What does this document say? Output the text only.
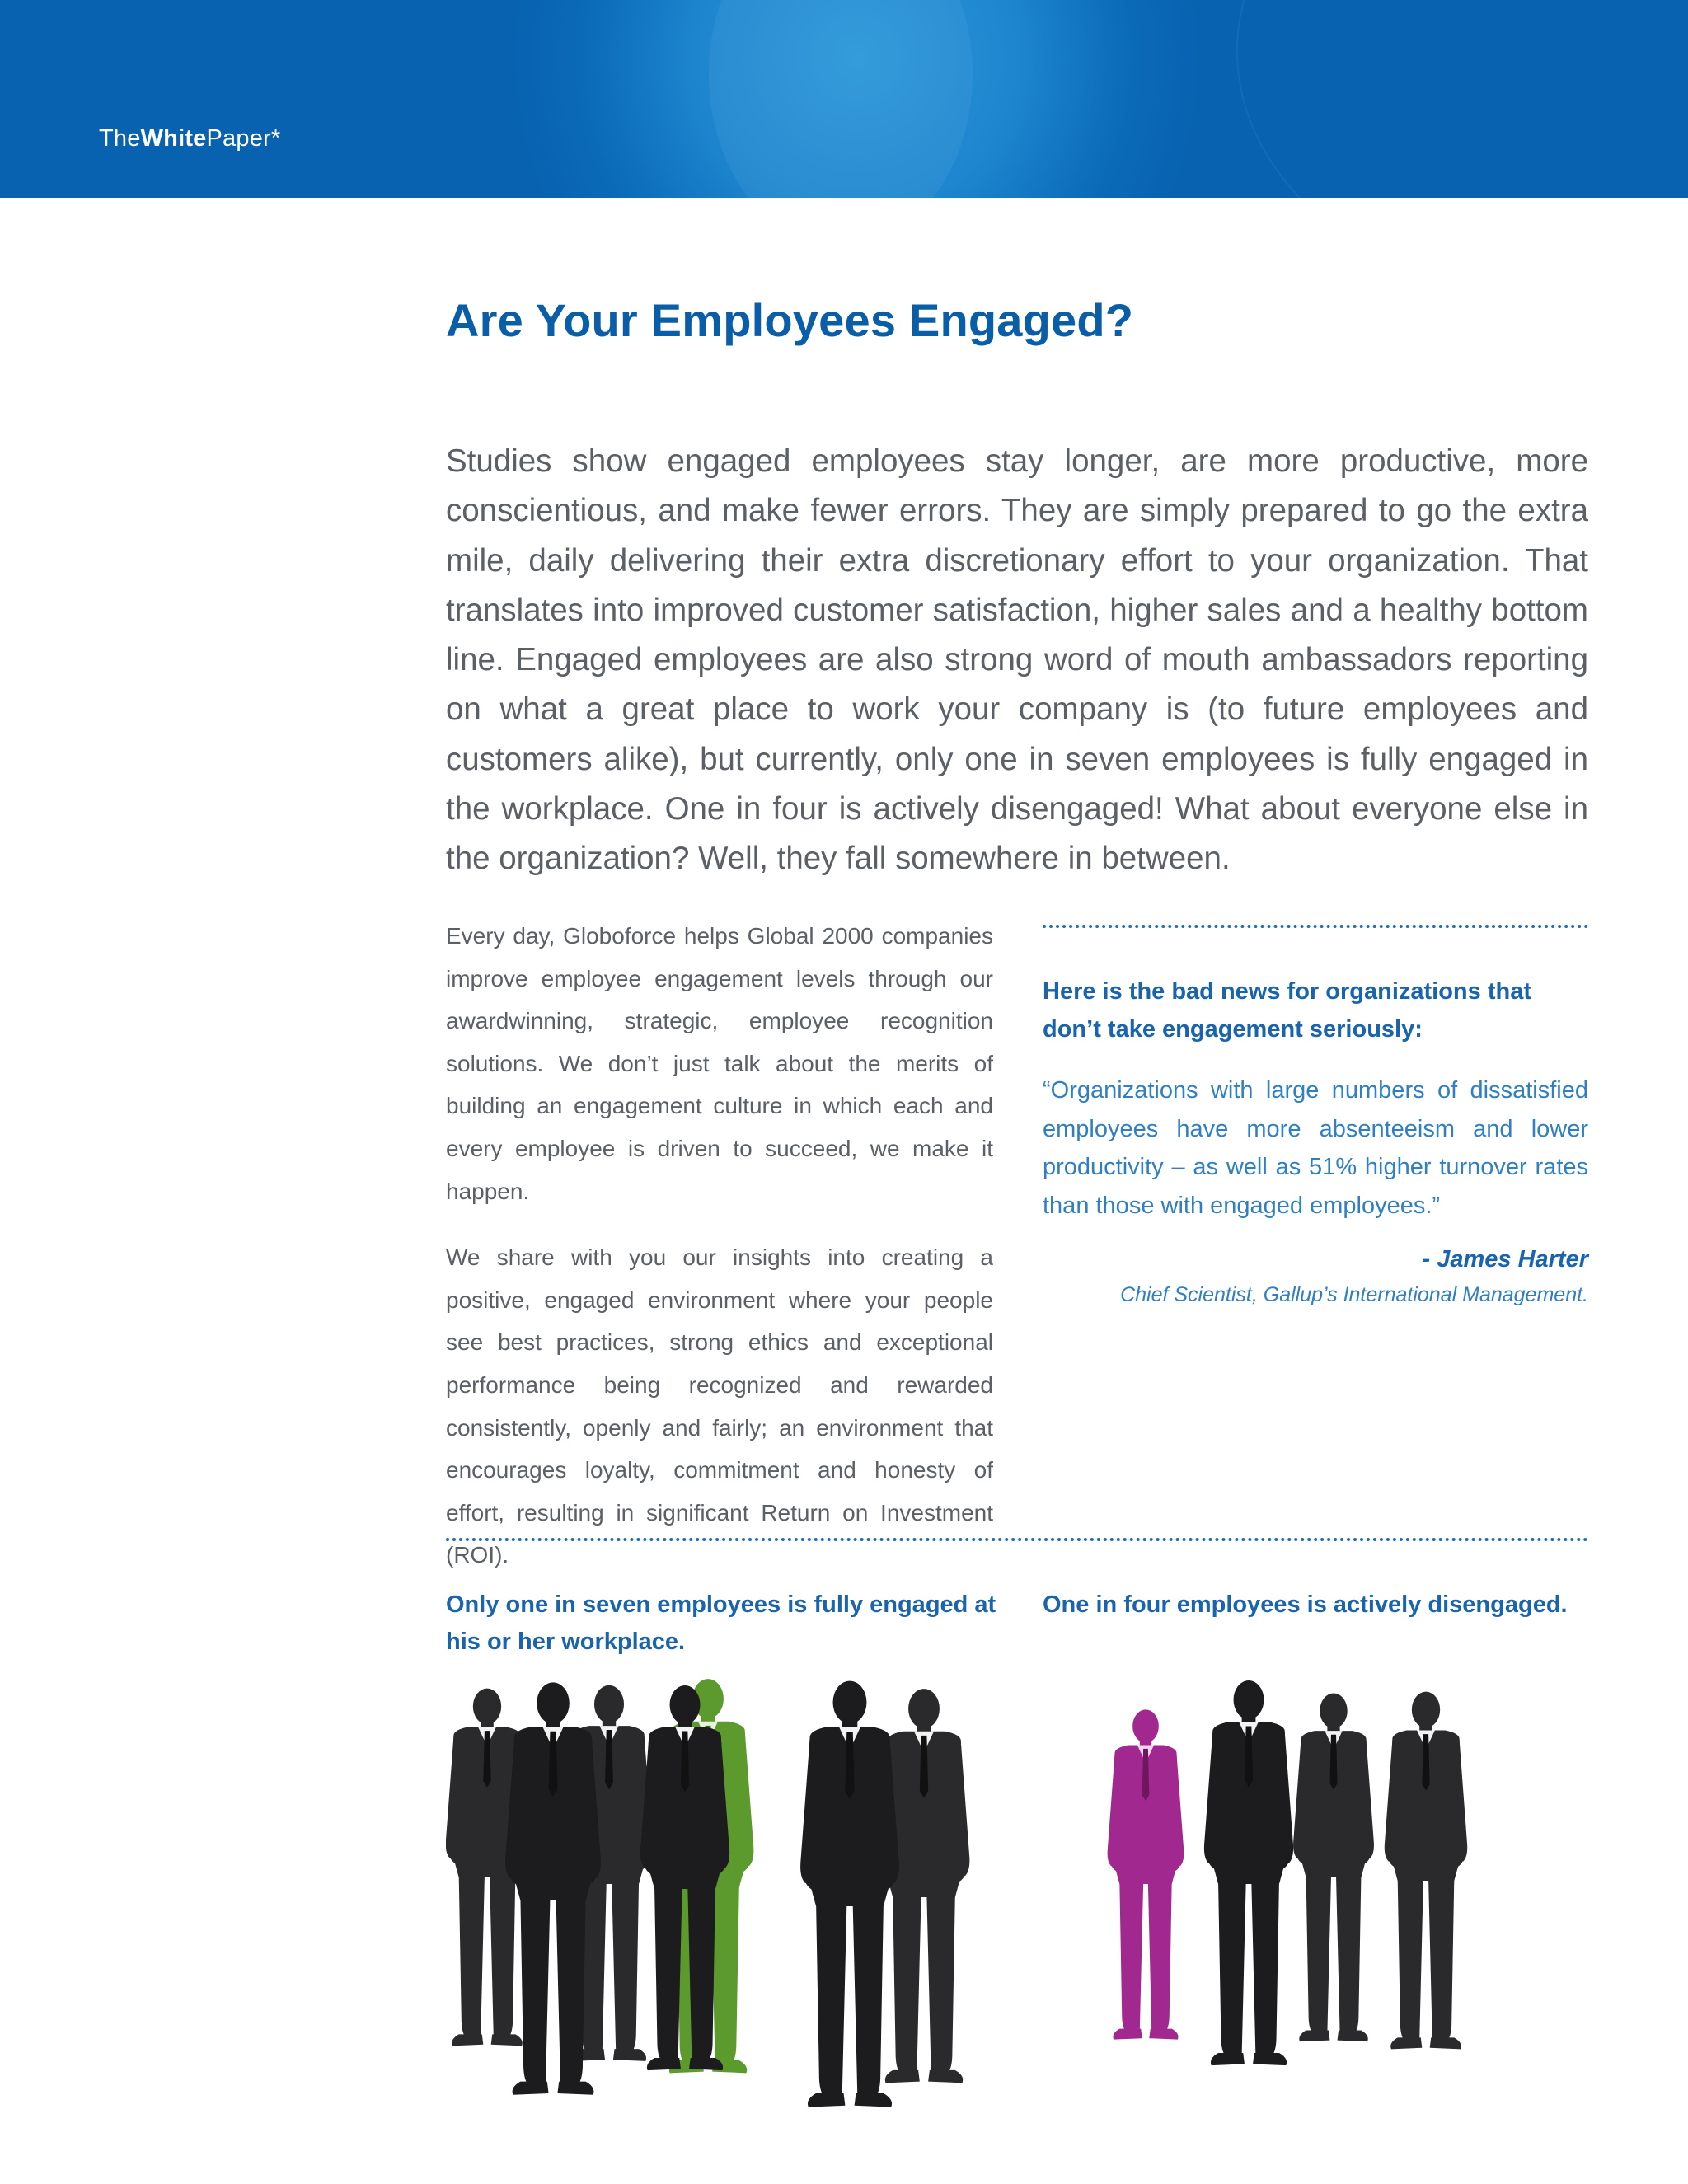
TheWhitePaper*
Are Your Employees Engaged?

Studies show engaged employees stay longer, are more productive, more conscientious, and make fewer errors. They are simply prepared to go the extra mile, daily delivering their extra discretionary effort to your organization. That translates into improved customer satisfaction, higher sales and a healthy bottom line. Engaged employees are also strong word of mouth ambassadors reporting on what a great place to work your company is (to future employees and customers alike), but currently, only one in seven employees is fully engaged in the workplace. One in four is actively disengaged! What about everyone else in the organization? Well, they fall somewhere in between.

Every day, Globoforce helps Global 2000 companies improve employee engagement levels through our awardwinning, strategic, employee recognition solutions. We don’t just talk about the merits of building an engagement culture in which each and every employee is driven to succeed, we make it happen.

We share with you our insights into creating a positive, engaged environment where your people see best practices, strong ethics and exceptional performance being recognized and rewarded consistently, openly and fairly; an environment that encourages loyalty, commitment and honesty of effort, resulting in significant Return on Investment (ROI).

Here is the bad news for organizations that don’t take engagement seriously:

“Organizations with large numbers of dissatisfied employees have more absenteeism and lower productivity – as well as 51% higher turnover rates than those with engaged employees.”

- James Harter

Chief Scientist, Gallup’s International Management.

Only one in seven employees is fully engaged at his or her workplace.

One in four employees is actively disengaged.
